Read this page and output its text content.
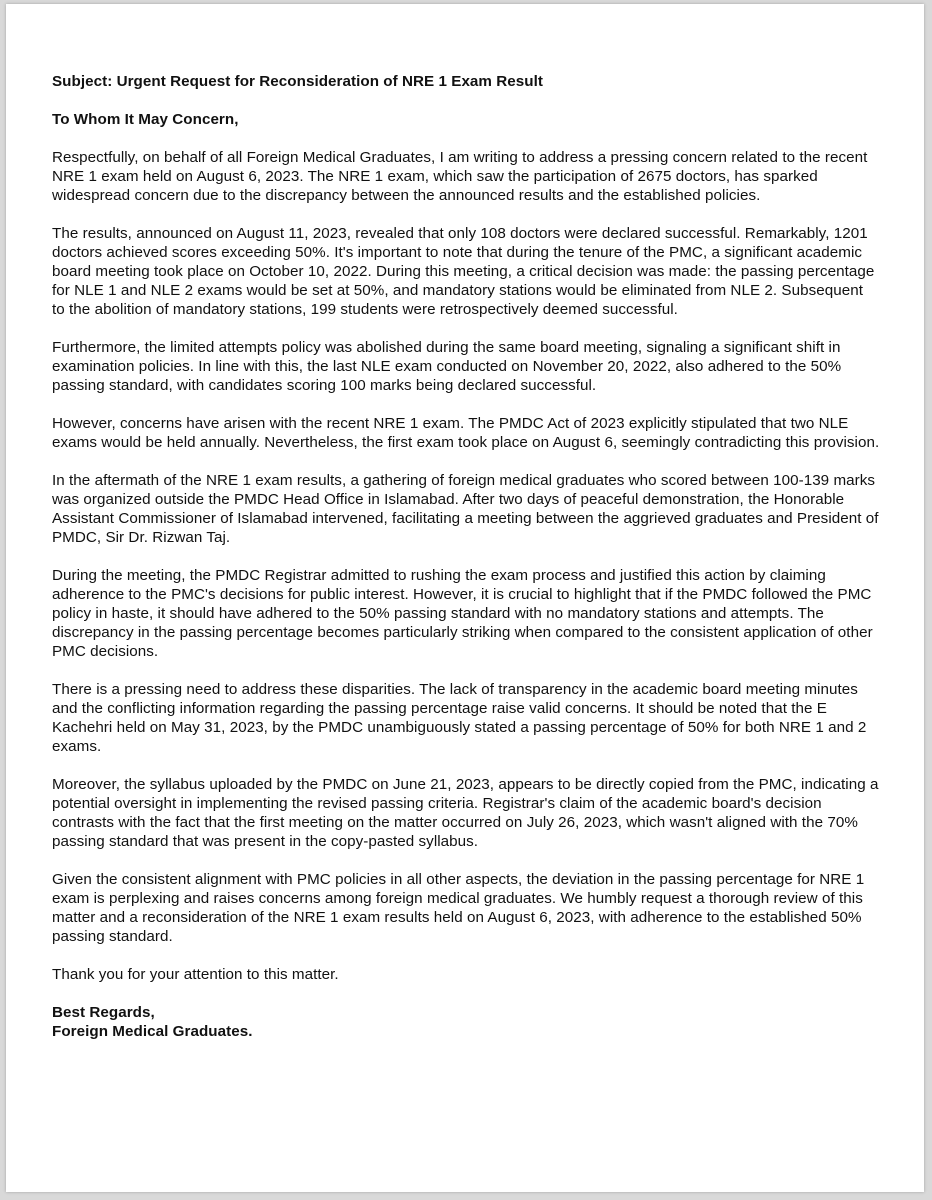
Subject: Urgent Request for Reconsideration of NRE 1 Exam Result

To Whom It May Concern,

Respectfully, on behalf of all Foreign Medical Graduates, I am writing to address a pressing concern related to the recent NRE 1 exam held on August 6, 2023. The NRE 1 exam, which saw the participation of 2675 doctors, has sparked widespread concern due to the discrepancy between the announced results and the established policies.

The results, announced on August 11, 2023, revealed that only 108 doctors were declared successful. Remarkably, 1201 doctors achieved scores exceeding 50%. It's important to note that during the tenure of the PMC, a significant academic board meeting took place on October 10, 2022. During this meeting, a critical decision was made: the passing percentage for NLE 1 and NLE 2 exams would be set at 50%, and mandatory stations would be eliminated from NLE 2. Subsequent to the abolition of mandatory stations, 199 students were retrospectively deemed successful.

Furthermore, the limited attempts policy was abolished during the same board meeting, signaling a significant shift in examination policies. In line with this, the last NLE exam conducted on November 20, 2022, also adhered to the 50% passing standard, with candidates scoring 100 marks being declared successful.

However, concerns have arisen with the recent NRE 1 exam. The PMDC Act of 2023 explicitly stipulated that two NLE exams would be held annually. Nevertheless, the first exam took place on August 6, seemingly contradicting this provision.

In the aftermath of the NRE 1 exam results, a gathering of foreign medical graduates who scored between 100-139 marks was organized outside the PMDC Head Office in Islamabad. After two days of peaceful demonstration, the Honorable Assistant Commissioner of Islamabad intervened, facilitating a meeting between the aggrieved graduates and President of PMDC, Sir Dr. Rizwan Taj.

During the meeting, the PMDC Registrar admitted to rushing the exam process and justified this action by claiming adherence to the PMC's decisions for public interest. However, it is crucial to highlight that if the PMDC followed the PMC policy in haste, it should have adhered to the 50% passing standard with no mandatory stations and attempts. The discrepancy in the passing percentage becomes particularly striking when compared to the consistent application of other PMC decisions.

There is a pressing need to address these disparities. The lack of transparency in the academic board meeting minutes and the conflicting information regarding the passing percentage raise valid concerns. It should be noted that the E Kachehri held on May 31, 2023, by the PMDC unambiguously stated a passing percentage of 50% for both NRE 1 and 2 exams.

Moreover, the syllabus uploaded by the PMDC on June 21, 2023, appears to be directly copied from the PMC, indicating a potential oversight in implementing the revised passing criteria. Registrar's claim of the academic board's decision contrasts with the fact that the first meeting on the matter occurred on July 26, 2023, which wasn't aligned with the 70% passing standard that was present in the copy-pasted syllabus.

Given the consistent alignment with PMC policies in all other aspects, the deviation in the passing percentage for NRE 1 exam is perplexing and raises concerns among foreign medical graduates. We humbly request a thorough review of this matter and a reconsideration of the NRE 1 exam results held on August 6, 2023, with adherence to the established 50% passing standard.

Thank you for your attention to this matter.

Best Regards,

Foreign Medical Graduates.
